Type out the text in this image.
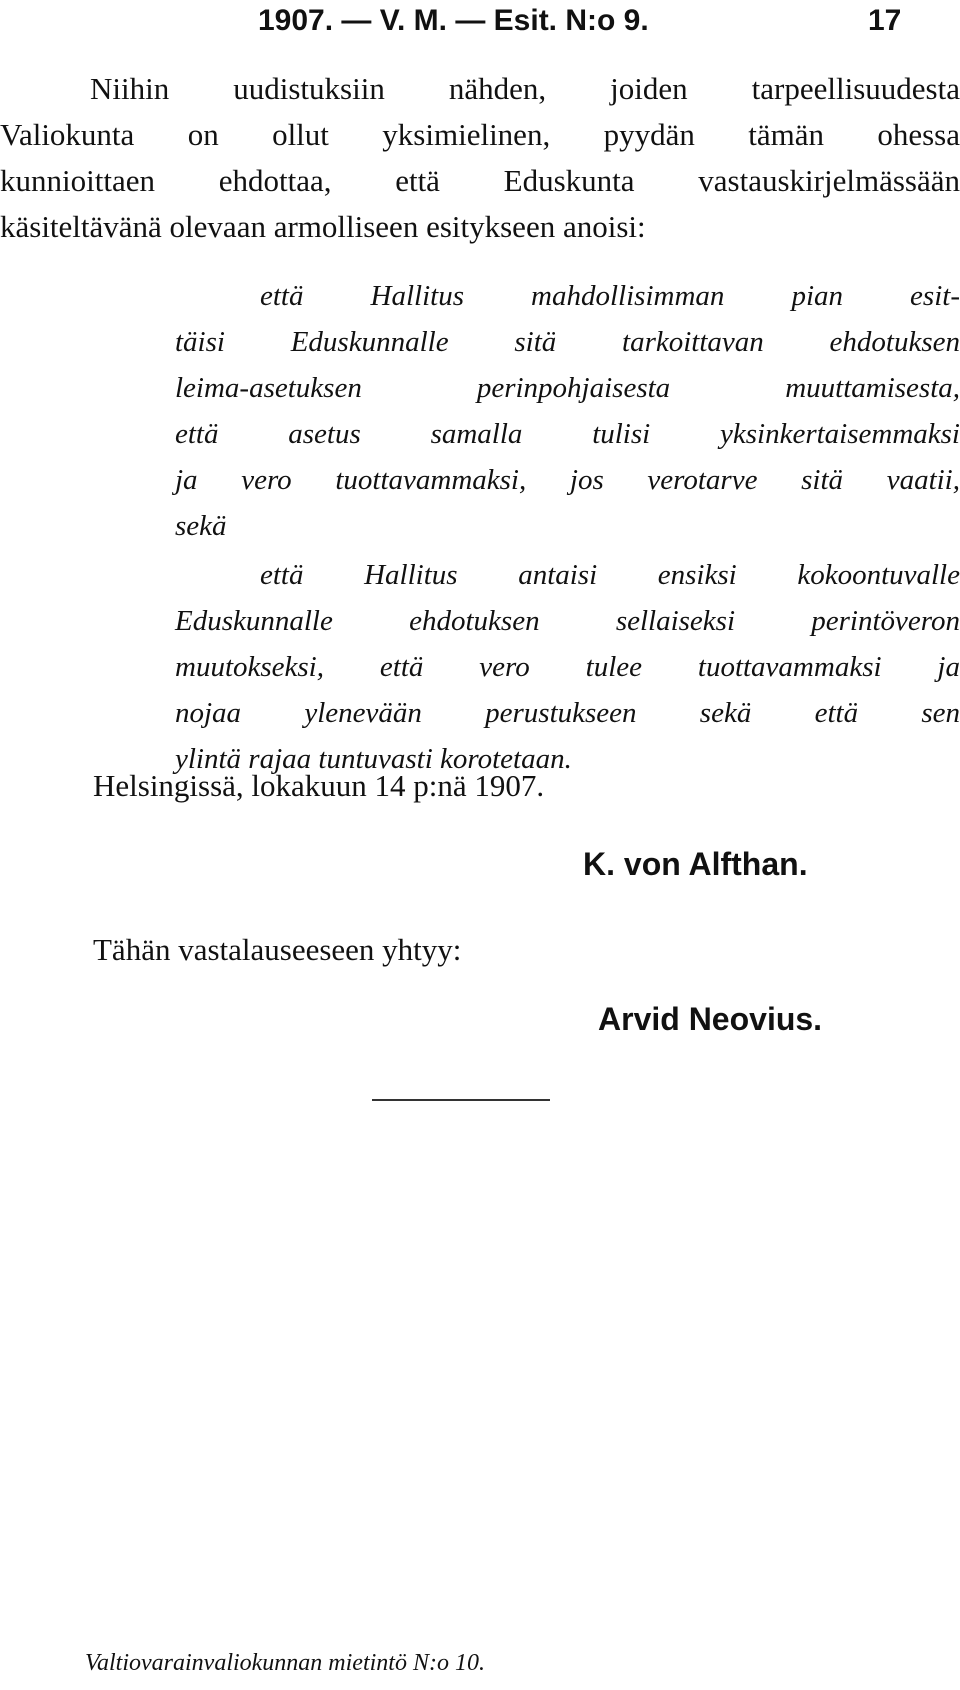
1907. — V. M. — Esit. N:o 9.	17
Niihin uudistuksiin nähden, joiden tarpeellisuudesta
Valiokunta on ollut yksimielinen, pyydän tämän ohessa
kunnioittaen ehdottaa, että Eduskunta vastauskirjelmässään
käsiteltävänä olevaan armolliseen esitykseen anoisi:
että Hallitus mahdollisimman pian esit-
täisi Eduskunnalle sitä tarkoittavan ehdotuksen
leima-asetuksen perinpohjaisesta muuttamisesta,
että asetus samalla tulisi yksinkertaisemmaksi
ja vero tuottavammaksi, jos verotarve sitä vaatii,
sekä
että Hallitus antaisi ensiksi kokoontuvalle
Eduskunnalle ehdotuksen sellaiseksi perintöveron
muutokseksi, että vero tulee tuottavammaksi ja
nojaa ylenevään perustukseen sekä että sen
ylintä rajaa tuntuvasti korotetaan.
Helsingissä, lokakuun 14 p:nä 1907.
K. von Alfthan.
Tähän vastalauseeseen yhtyy:
Arvid Neovius.
Valtiovarainvaliokunnan mietintö N:o 10.
